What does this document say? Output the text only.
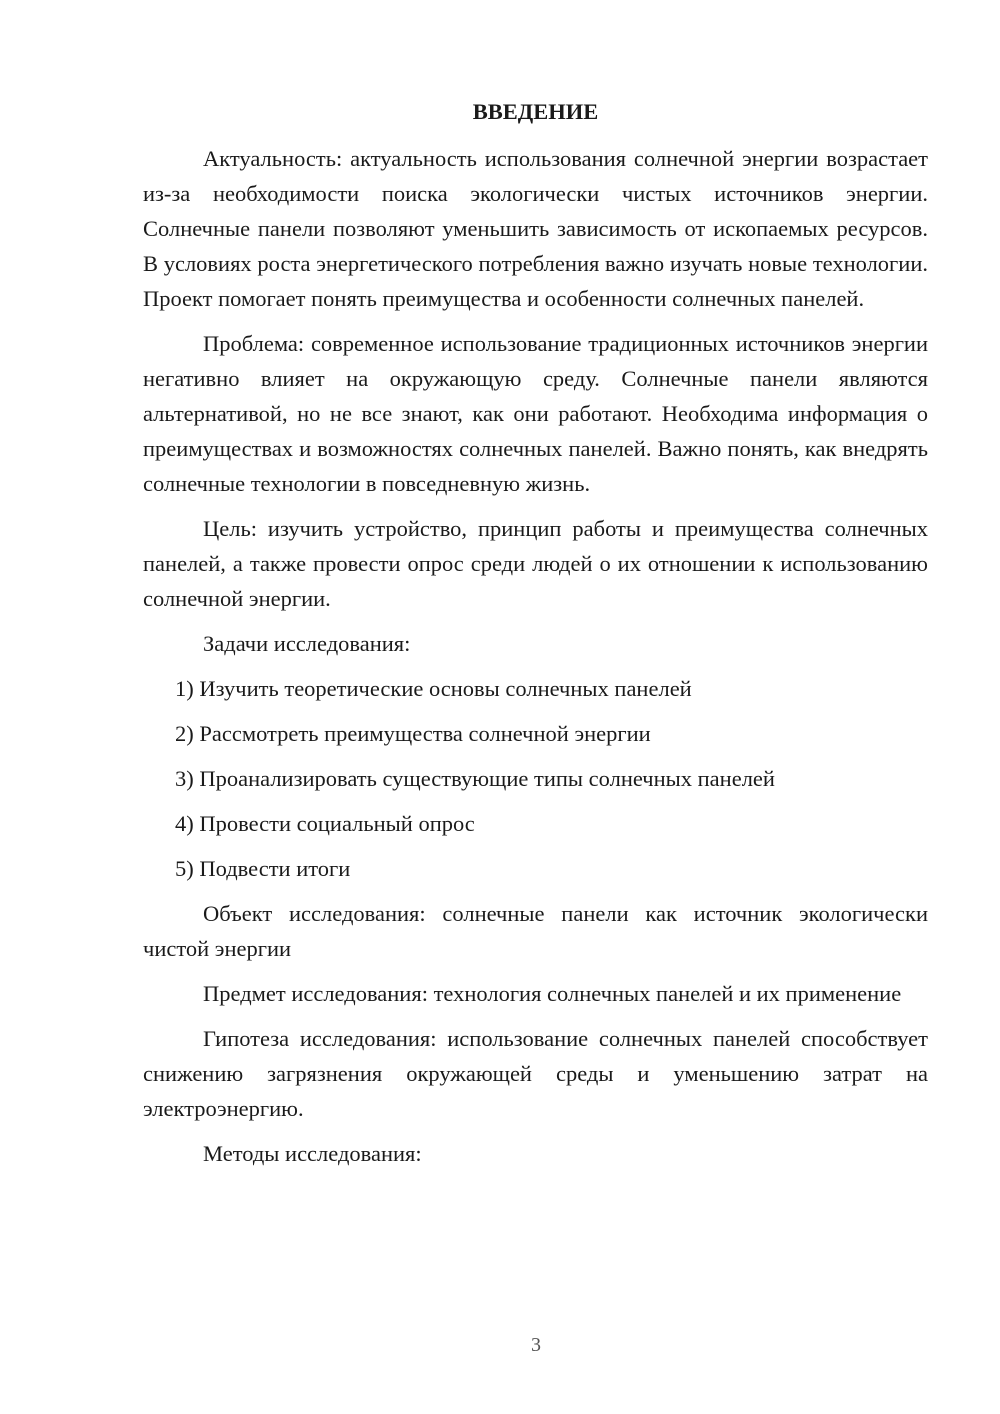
ВВЕДЕНИЕ

Актуальность: актуальность использования солнечной энергии возрастает из-за необходимости поиска экологически чистых источников энергии. Солнечные панели позволяют уменьшить зависимость от ископаемых ресурсов. В условиях роста энергетического потребления важно изучать новые технологии. Проект помогает понять преимущества и особенности солнечных панелей.

Проблема: современное использование традиционных источников энергии негативно влияет на окружающую среду. Солнечные панели являются альтернативой, но не все знают, как они работают. Необходима информация о преимуществах и возможностях солнечных панелей. Важно понять, как внедрять солнечные технологии в повседневную жизнь.

Цель: изучить устройство, принцип работы и преимущества солнечных панелей, а также провести опрос среди людей о их отношении к использованию солнечной энергии.

Задачи исследования:

1) Изучить теоретические основы солнечных панелей
2) Рассмотреть преимущества солнечной энергии
3) Проанализировать существующие типы солнечных панелей
4) Провести социальный опрос
5) Подвести итоги

Объект исследования: солнечные панели как источник экологически чистой энергии

Предмет исследования: технология солнечных панелей и их применение

Гипотеза исследования: использование солнечных панелей способствует снижению загрязнения окружающей среды и уменьшению затрат на электроэнергию.

Методы исследования:

3
